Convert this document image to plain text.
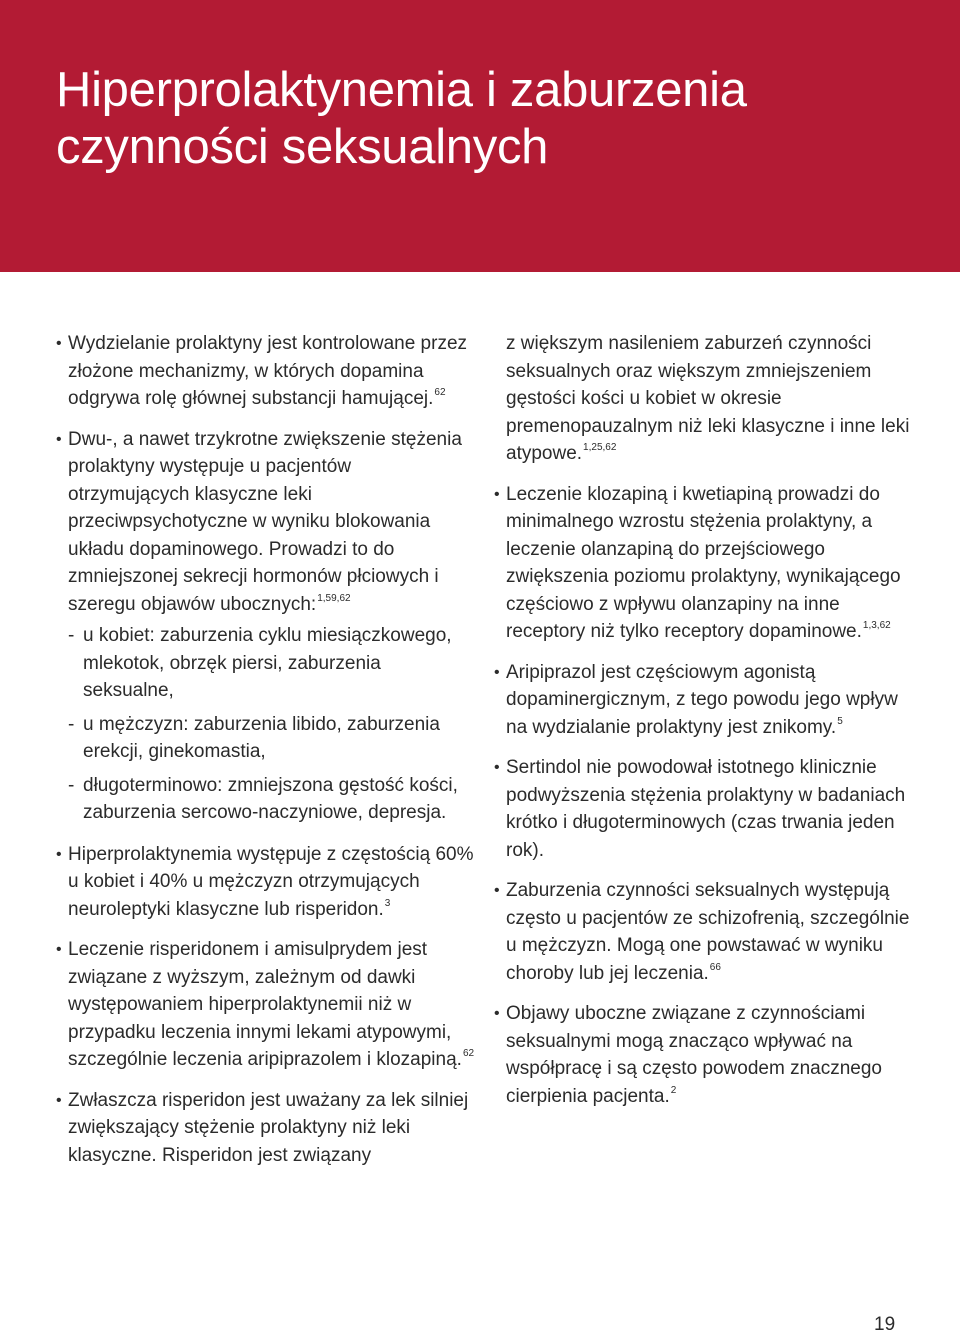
Hiperprolaktynemia i zaburzenia
czynności seksualnych
• Wydzielanie prolaktyny jest kontrolowane przez złożone mechanizmy, w których dopamina odgrywa rolę głównej substancji hamującej.$^{62}$
• Dwu-, a nawet trzykrotne zwiększenie stężenia prolaktyny występuje u pacjentów otrzymujących klasyczne leki przeciwpsychotyczne w wyniku blokowania układu dopaminowego. Prowadzi to do zmniejszonej sekrecji hormonów płciowych i szeregu objawów ubocznych:$^{1,59,62}$
- u kobiet: zaburzenia cyklu miesiączkowego, mlekotok, obrzęk piersi, zaburzenia seksualne,
- u mężczyzn: zaburzenia libido, zaburzenia erekcji, ginekomastia,
- długoterminowo: zmniejszona gęstość kości, zaburzenia sercowo-naczyniowe, depresja.
• Hiperprolaktynemia występuje z częstością 60% u kobiet i 40% u mężczyzn otrzymujących neuroleptyki klasyczne lub risperidon.$^3$
• Leczenie risperidonem i amisulprydem jest związane z wyższym, zależnym od dawki występowaniem hiperprolaktynemii niż w przypadku leczenia innymi lekami atypowymi, szczególnie leczenia aripiprazolem i klozapiną.$^{62}$
• Zwłaszcza risperidon jest uważany za lek silniej zwiększający stężenie prolaktyny niż leki klasyczne. Risperidon jest związany
z większym nasileniem zaburzeń czynności seksualnych oraz większym zmniejszeniem gęstości kości u kobiet w okresie premenopauzalnym niż leki klasyczne i inne leki atypowe.$^{1,25,62}$
• Leczenie klozapiną i kwetiapiną prowadzi do minimalnego wzrostu stężenia prolaktyny, a leczenie olanzapiną do przejściowego zwiększenia poziomu prolaktyny, wynikającego częściowo z wpływu olanzapiny na inne receptory niż tylko receptory dopaminowe.$^{1,3,62}$
• Aripiprazol jest częściowym agonistą dopaminergicznym, z tego powodu jego wpływ na wydzialanie prolaktyny jest znikomy.$^5$
• Sertindol nie powodował istotnego klinicznie podwyższenia stężenia prolaktyny w badaniach krótko i długoterminowych (czas trwania jeden rok).
• Zaburzenia czynności seksualnych występują często u pacjentów ze schizofrenią, szczególnie u mężczyzn. Mogą one powstawać w wyniku choroby lub jej leczenia.$^{66}$
• Objawy uboczne związane z czynnościami seksualnymi mogą znacząco wpływać na współpracę i są często powodem znacznego cierpienia pacjenta.$^2$
19
